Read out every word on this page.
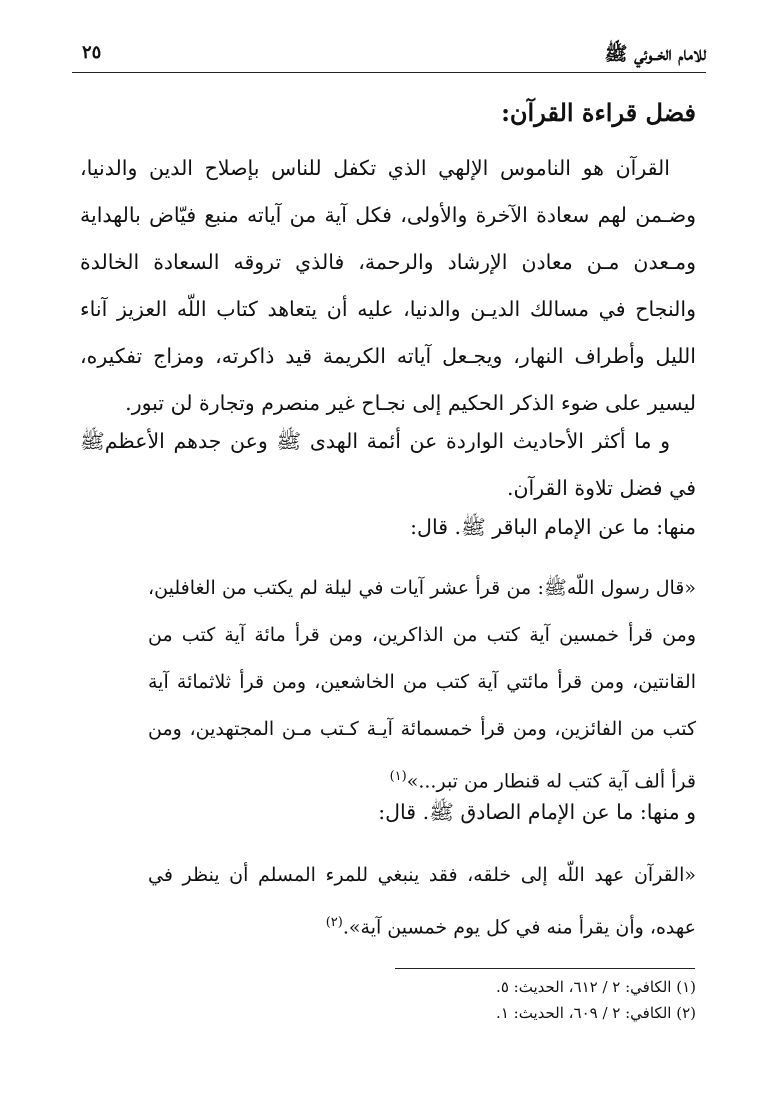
للامام الخــوئي ﷺ
٢٥
فضل قراءة القرآن:
القرآن هو الناموس الإلهي الذي تكفل للناس بإصلاح الدين والدنيا، وضـمن لهم سعادة الآخرة والأولى، فكل آية من آياته منبع فيّاض بالهداية ومـعدن مـن معادن الإرشاد والرحمة، فالذي تروقه السعادة الخالدة والنجاح في مسالك الديـن والدنيا، عليه أن يتعاهد كتاب اللّه العزيز آناء الليل وأطراف النهار، ويجـعل آياته الكريمة قيد ذاكرته، ومزاج تفكيره، ليسير على ضوء الذكر الحكيم إلى نجـاح غير منصرم وتجارة لن تبور.
و ما أكثر الأحاديث الواردة عن أئمة الهدى ﷺ وعن جدهم الأعظمﷺ في فضل تلاوة القرآن.
منها: ما عن الإمام الباقر ﷺ. قال:
«قال رسول اللّهﷺ: من قرأ عشر آيات في ليلة لم يكتب من الغافلين، ومن قرأ خمسين آية كتب من الذاكرين، ومن قرأ مائة آية كتب من القانتين، ومن قرأ مائتي آية كتب من الخاشعين، ومن قرأ ثلاثمائة آية كتب من الفائزين، ومن قرأ خمسمائة آيـة كـتب مـن المجتهدين، ومن قرأ ألف آية كتب له قنطار من تبر...»$^{(١)}$
و منها: ما عن الإمام الصادق ﷺ. قال:
«القرآن عهد اللّه إلى خلقه، فقد ينبغي للمرء المسلم أن ينظر في عهده، وأن يقرأ منه في كل يوم خمسين آية».$^{(٢)}$
(١) الكافي: ٢ / ٦١٢، الحديث: ٥.
(٢) الكافي: ٢ / ٦٠٩، الحديث: ١.
